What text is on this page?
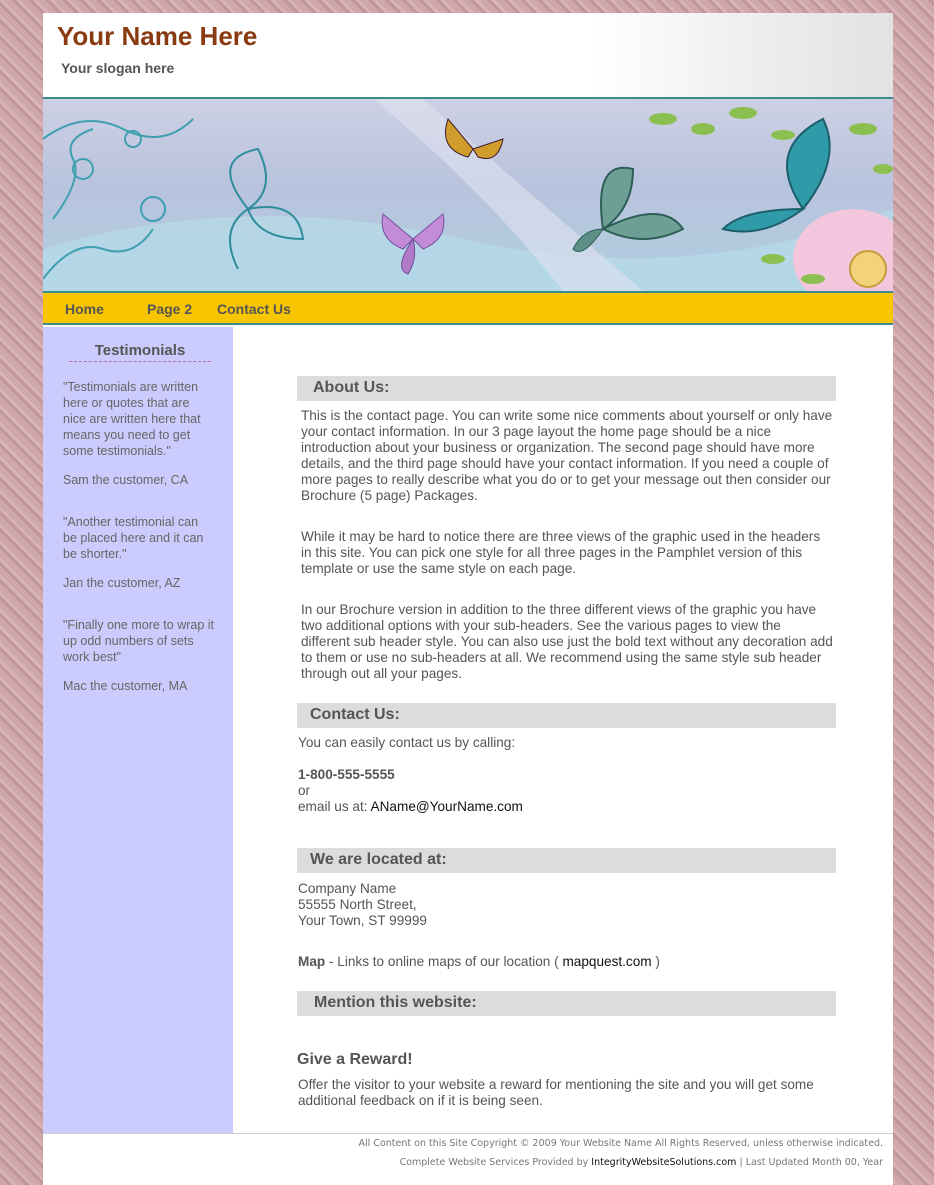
Your Name Here
Your slogan here
Home	Page 2 Contact Us
Testimonials
"Testimonials are written here or quotes that are nice are written here that means you need to get some testimonials."
Sam the customer, CA
"Another testimonial can be placed here and it can be shorter."
Jan the customer, AZ
"Finally one more to wrap it up odd numbers of sets work best"
Mac the customer, MA
About Us:
This is the contact page. You can write some nice comments about yourself or only have your contact information. In our 3 page layout the home page should be a nice introduction about your business or organization. The second page should have more details, and the third page should have your contact information. If you need a couple of more pages to really describe what you do or to get your message out then consider our Brochure (5 page) Packages.
While it may be hard to notice there are three views of the graphic used in the headers in this site. You can pick one style for all three pages in the Pamphlet version of this template or use the same style on each page.
In our Brochure version in addition to the three different views of the graphic you have two additional options with your sub-headers. See the various pages to view the different sub header style. You can also use just the bold text without any decoration add to them or use no sub-headers at all. We recommend using the same style sub header through out all your pages.
Contact Us:
You can easily contact us by calling:
1-800-555-5555
or
email us at: AName@YourName.com
We are located at:
Company Name
55555 North Street,
Your Town, ST 99999
Map - Links to online maps of our location ( mapquest.com )
Mention this website:
Give a Reward!
Offer the visitor to your website a reward for mentioning the site and you will get some additional feedback on if it is being seen.
All Content on this Site Copyright © 2009 Your Website Name All Rights Reserved, unless otherwise indicated.
Complete Website Services Provided by IntegrityWebsiteSolutions.com | Last Updated Month 00, Year
